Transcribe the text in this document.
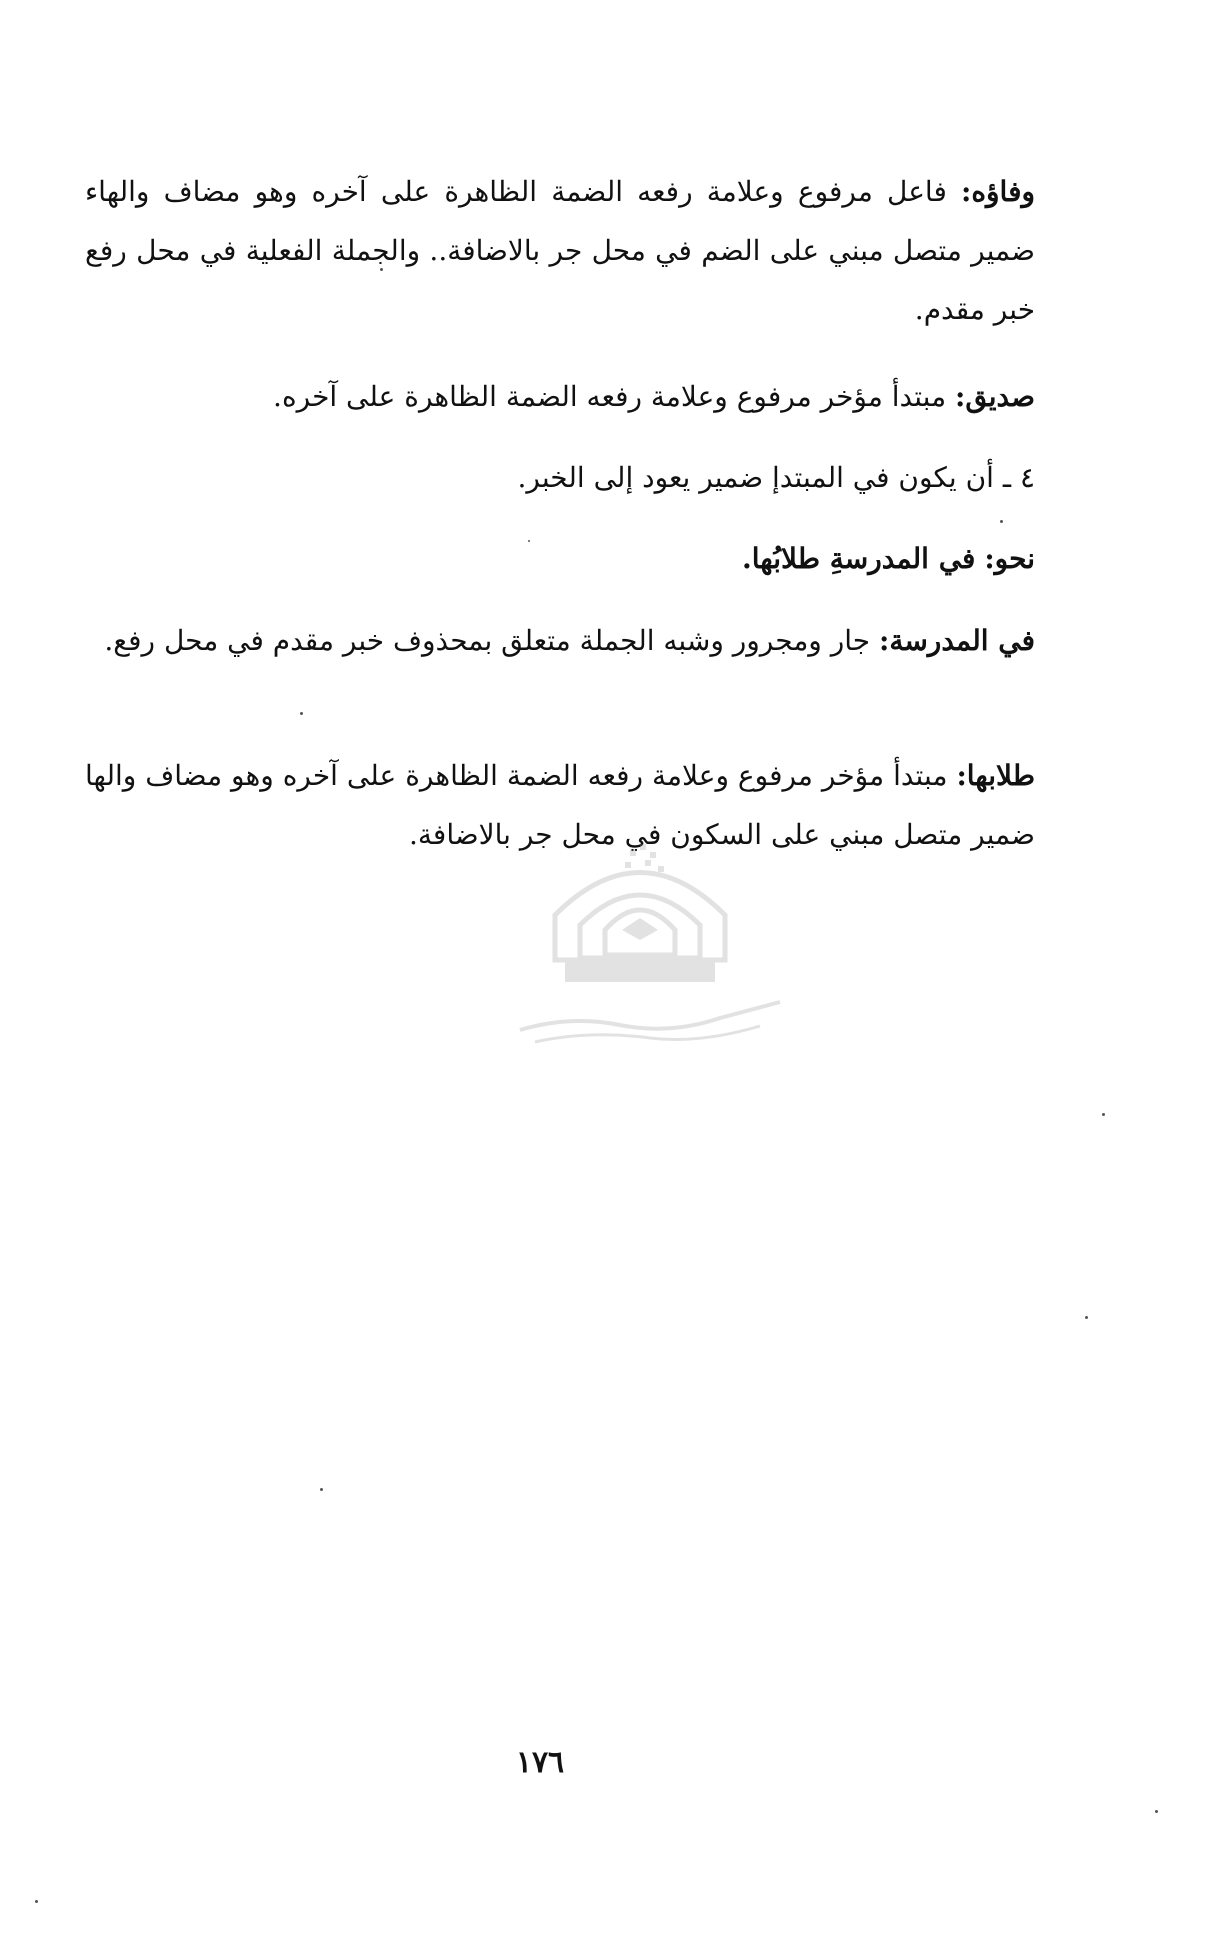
وفاؤه: فاعل مرفوع وعلامة رفعه الضمة الظاهرة على آخره وهو مضاف والهاء ضمير متصل مبني على الضم في محل جر بالاضافة.. والجملة الفعلية في محل رفع خبر مقدم.

صديق: مبتدأ مؤخر مرفوع وعلامة رفعه الضمة الظاهرة على آخره.

٤ ـ أن يكون في المبتدإ ضمير يعود إلى الخبر.

نحو: في المدرسةِ طلابُها.

في المدرسة: جار ومجرور وشبه الجملة متعلق بمحذوف خبر مقدم في محل رفع.

طلابها: مبتدأ مؤخر مرفوع وعلامة رفعه الضمة الظاهرة على آخره وهو مضاف والها ضمير متصل مبني على السكون في محل جر بالاضافة.

١٧٦
